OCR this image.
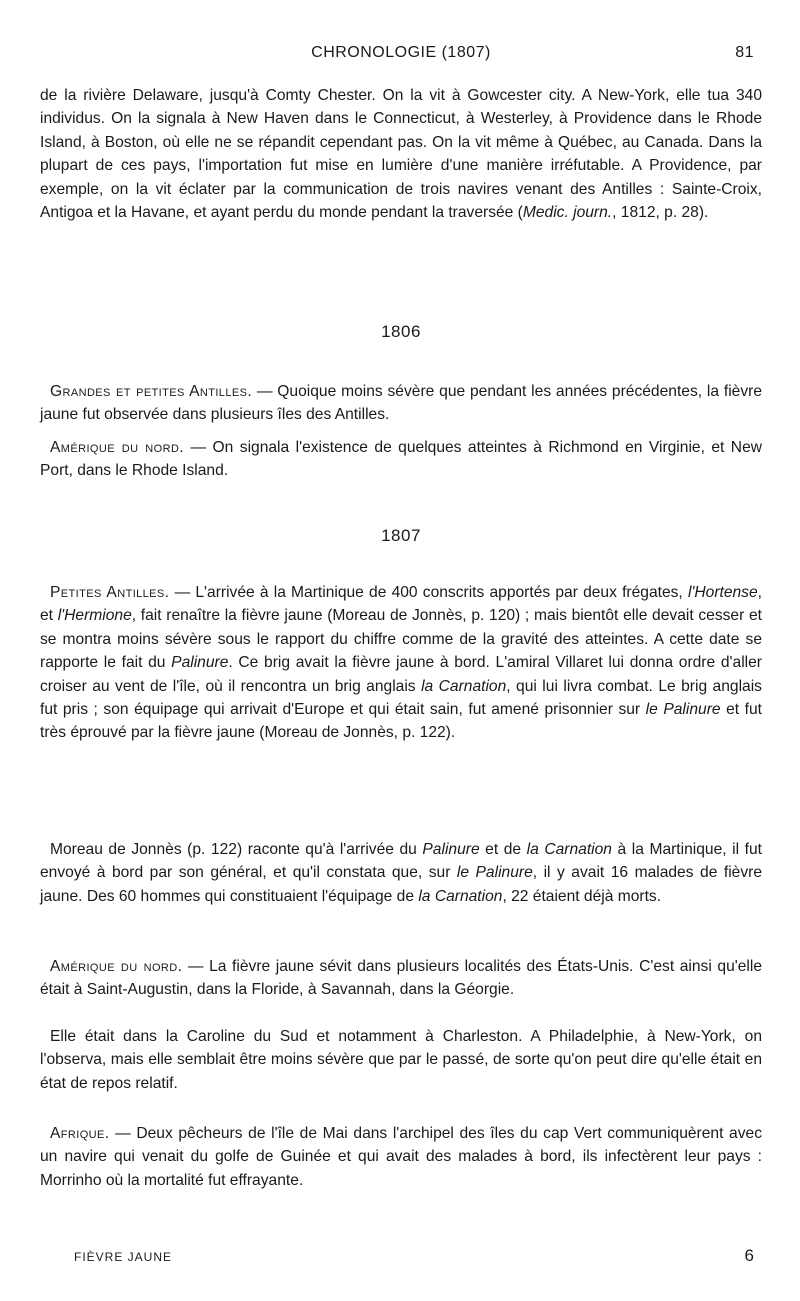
CHRONOLOGIE (1807)	81

de la rivière Delaware, jusqu'à Comty Chester. On la vit à Gowcester city. A New-York, elle tua 340 individus. On la signala à New Haven dans le Connecticut, à Westerley, à Providence dans le Rhode Island, à Boston, où elle ne se répandit cependant pas. On la vit même à Québec, au Canada. Dans la plupart de ces pays, l'importation fut mise en lumière d'une manière irréfutable. A Providence, par exemple, on la vit éclater par la communication de trois navires venant des Antilles : Sainte-Croix, Antigoa et la Havane, et ayant perdu du monde pendant la traversée (Medic. journ., 1812, p. 28).

1806

Grandes et petites Antilles. — Quoique moins sévère que pendant les années précédentes, la fièvre jaune fut observée dans plusieurs îles des Antilles.

Amérique du nord. — On signala l'existence de quelques atteintes à Richmond en Virginie, et New Port, dans le Rhode Island.

1807

Petites Antilles. — L'arrivée à la Martinique de 400 conscrits apportés par deux frégates, l'Hortense, et l'Hermione, fait renaître la fièvre jaune (Moreau de Jonnès, p. 120) ; mais bientôt elle devait cesser et se montra moins sévère sous le rapport du chiffre comme de la gravité des atteintes. A cette date se rapporte le fait du Palinure. Ce brig avait la fièvre jaune à bord. L'amiral Villaret lui donna ordre d'aller croiser au vent de l'île, où il rencontra un brig anglais la Carnation, qui lui livra combat. Le brig anglais fut pris ; son équipage qui arrivait d'Europe et qui était sain, fut amené prisonnier sur le Palinure et fut très éprouvé par la fièvre jaune (Moreau de Jonnès, p. 122).

Moreau de Jonnès (p. 122) raconte qu'à l'arrivée du Palinure et de la Carnation à la Martinique, il fut envoyé à bord par son général, et qu'il constata que, sur le Palinure, il y avait 16 malades de fièvre jaune. Des 60 hommes qui constituaient l'équipage de la Carnation, 22 étaient déjà morts.

Amérique du nord. — La fièvre jaune sévit dans plusieurs localités des États-Unis. C'est ainsi qu'elle était à Saint-Augustin, dans la Floride, à Savannah, dans la Géorgie.

Elle était dans la Caroline du Sud et notamment à Charleston. A Philadelphie, à New-York, on l'observa, mais elle semblait être moins sévère que par le passé, de sorte qu'on peut dire qu'elle était en état de repos relatif.

Afrique. — Deux pêcheurs de l'île de Mai dans l'archipel des îles du cap Vert communiquèrent avec un navire qui venait du golfe de Guinée et qui avait des malades à bord, ils infectèrent leur pays : Morrinho où la mortalité fut effrayante.

FIÈVRE JAUNE	6
